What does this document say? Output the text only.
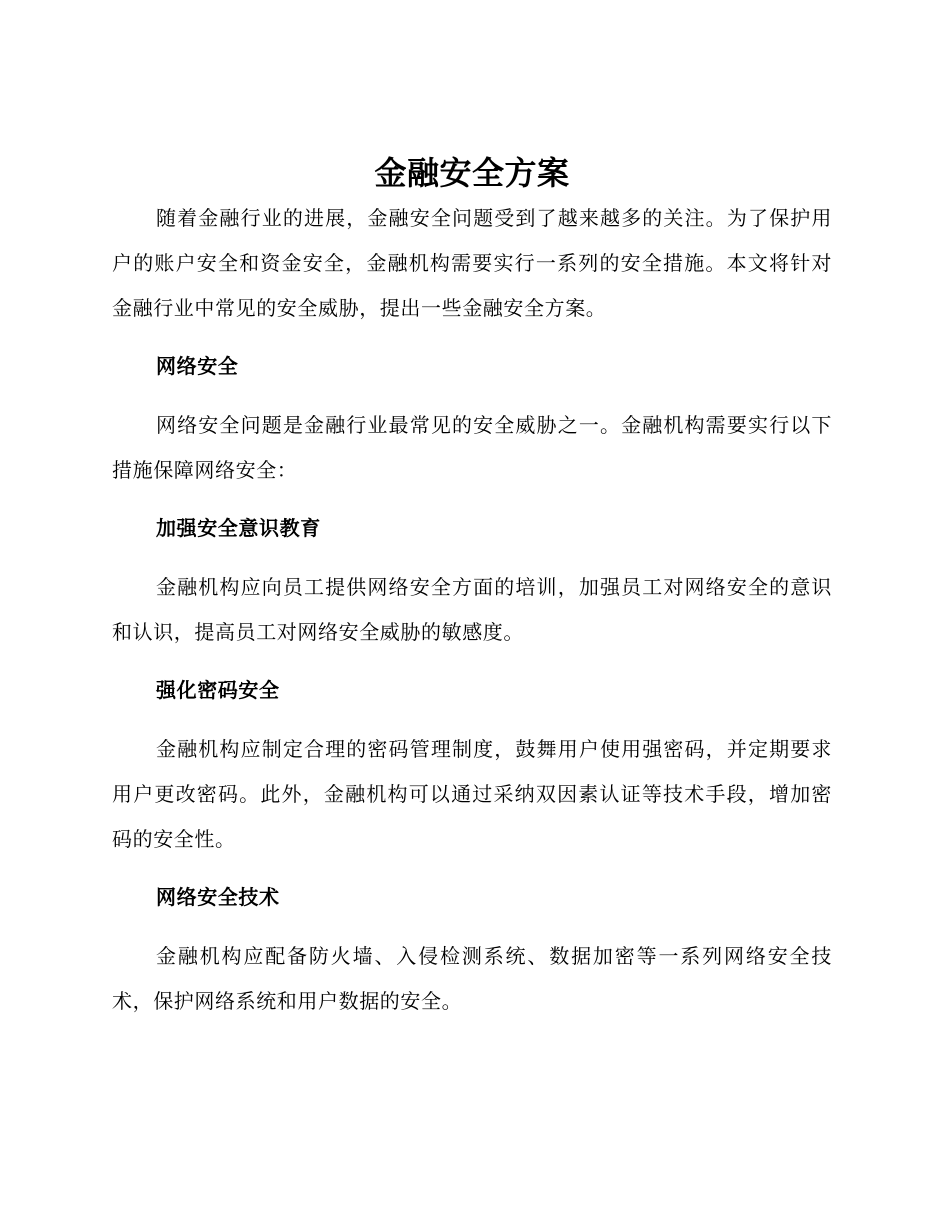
金融安全方案

随着金融行业的进展，金融安全问题受到了越来越多的关注。为了保护用户的账户安全和资金安全，金融机构需要实行一系列的安全措施。本文将针对金融行业中常见的安全威胁，提出一些金融安全方案。

网络安全

网络安全问题是金融行业最常见的安全威胁之一。金融机构需要实行以下措施保障网络安全：

加强安全意识教育

金融机构应向员工提供网络安全方面的培训，加强员工对网络安全的意识和认识，提高员工对网络安全威胁的敏感度。

强化密码安全

金融机构应制定合理的密码管理制度，鼓舞用户使用强密码，并定期要求用户更改密码。此外，金融机构可以通过采纳双因素认证等技术手段，增加密码的安全性。

网络安全技术

金融机构应配备防火墙、入侵检测系统、数据加密等一系列网络安全技术，保护网络系统和用户数据的安全。
